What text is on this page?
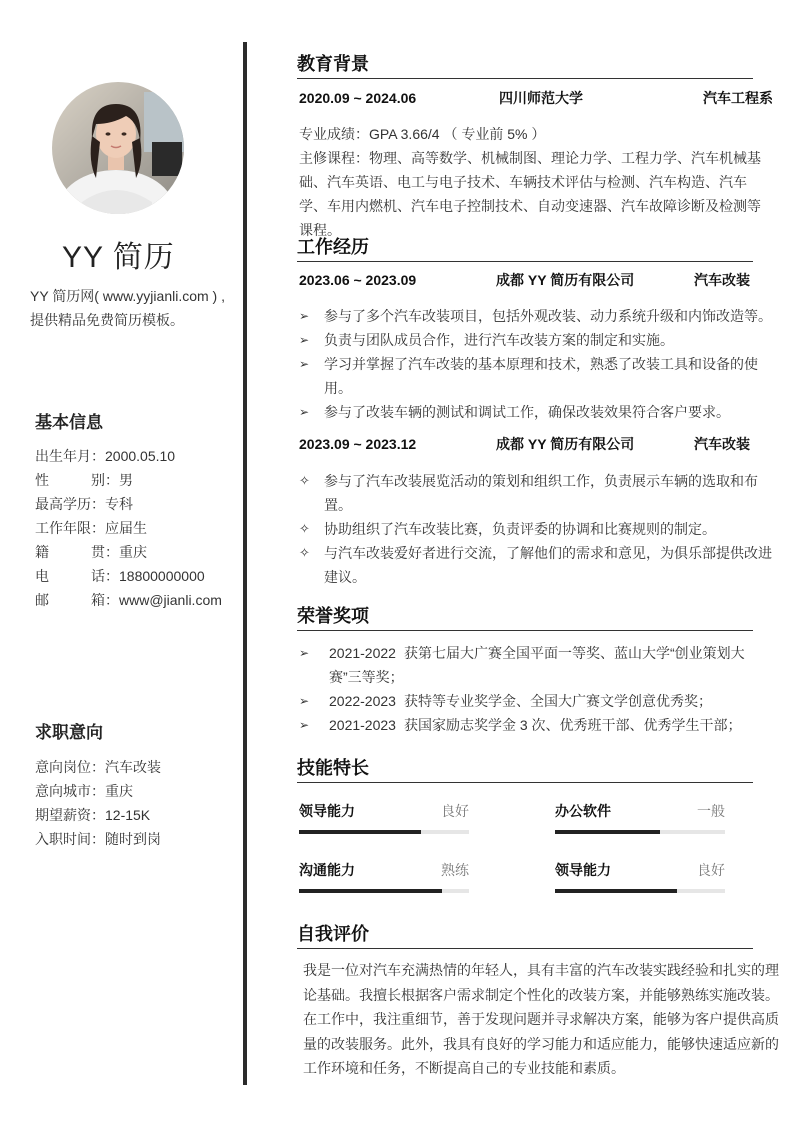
YY 简历
YY 简历网( www.yyjianli.com ) ,提供精品免费简历模板。
基本信息
出生年月：2000.05.10
性别：男
最高学历：专科
工作年限：应届生
籍贯：重庆
电话：18800000000
邮箱：www@jianli.com
求职意向
意向岗位：汽车改装
意向城市：重庆
期望薪资：12-15K
入职时间：随时到岗
教育背景
2020.09 ~ 2024.06	四川师范大学	汽车工程系
专业成绩：GPA 3.66/4 （ 专业前 5% ）
主修课程：物理、高等数学、机械制图、理论力学、工程力学、汽车机械基础、汽车英语、电工与电子技术、车辆技术评估与检测、汽车构造、汽车学、车用内燃机、汽车电子控制技术、自动变速器、汽车故障诊断及检测等课程。
工作经历
2023.06 ~ 2023.09	成都 YY 简历有限公司	汽车改装
➢ 参与了多个汽车改装项目，包括外观改装、动力系统升级和内饰改造等。
➢ 负责与团队成员合作，进行汽车改装方案的制定和实施。
➢ 学习并掌握了汽车改装的基本原理和技术，熟悉了改装工具和设备的使用。
➢ 参与了改装车辆的测试和调试工作，确保改装效果符合客户要求。
2023.09 ~ 2023.12	成都 YY 简历有限公司	汽车改装
✧ 参与了汽车改装展览活动的策划和组织工作，负责展示车辆的选取和布置。
✧ 协助组织了汽车改装比赛，负责评委的协调和比赛规则的制定。
✧ 与汽车改装爱好者进行交流，了解他们的需求和意见，为俱乐部提供改进建议。
荣誉奖项
➢ 2021-2022 获第七届大广赛全国平面一等奖、蓝山大学“创业策划大赛”三等奖；
➢ 2022-2023 获特等专业奖学金、全国大广赛文学创意优秀奖；
➢ 2021-2023 获国家励志奖学金 3 次、优秀班干部、优秀学生干部；
技能特长
领导能力	良好	办公软件	一般
沟通能力	熟练	领导能力	良好
自我评价
我是一位对汽车充满热情的年轻人，具有丰富的汽车改装实践经验和扎实的理论基础。我擅长根据客户需求制定个性化的改装方案，并能够熟练实施改装。在工作中，我注重细节，善于发现问题并寻求解决方案，能够为客户提供高质量的改装服务。此外，我具有良好的学习能力和适应能力，能够快速适应新的工作环境和任务，不断提高自己的专业技能和素质。
